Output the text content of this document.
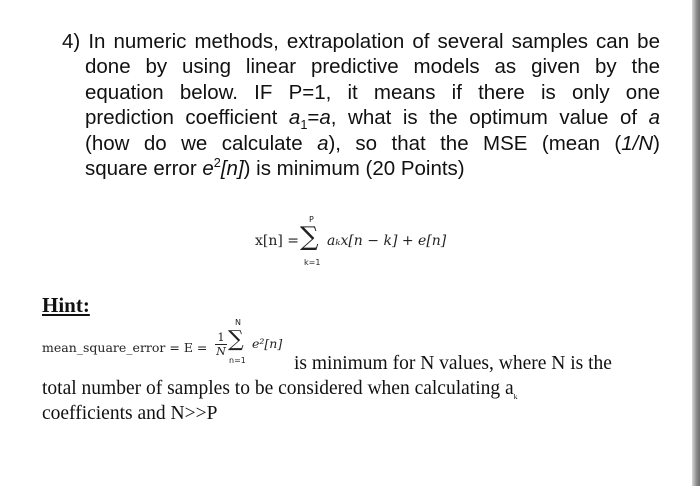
4) In numeric methods, extrapolation of several samples can be
done by using linear predictive models as given by the
equation below. IF P=1, it means if there is only one
prediction coefficient $a_1=a$, what is the optimum value of a
(how do we calculate a), so that the MSE (mean (1/N)
square error $e^2[n]$) is minimum (20 Points)
x[n] =
P
∑
k=1
aₖx[n − k] + e[n]
Hint:
mean_square_error = $E = \frac{1}{N}$
N
∑
n=1
e²[n]
is minimum for N values, where N is the
total number of samples to be considered when calculating $a_k$
coefficients and N>>P
